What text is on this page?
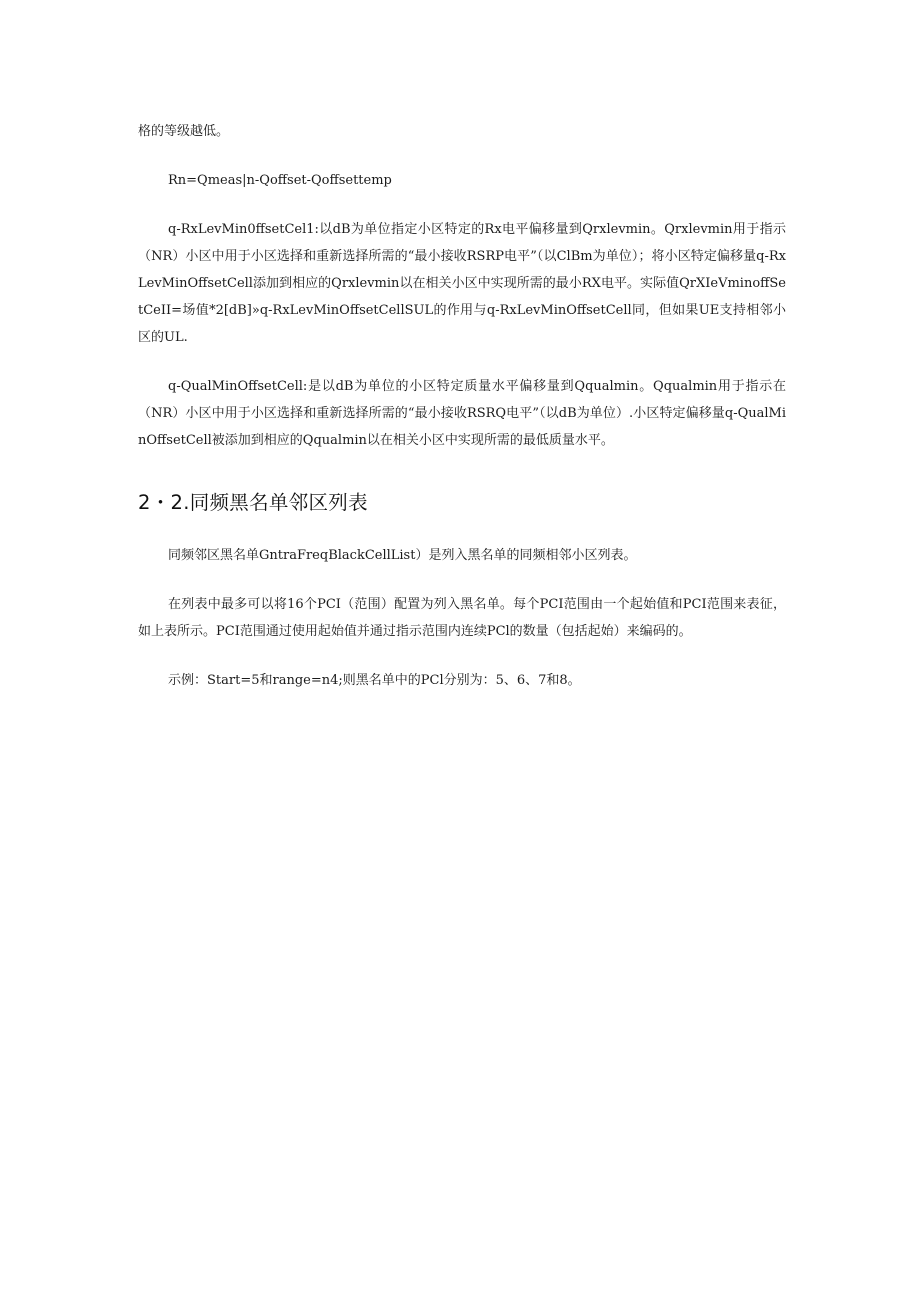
格的等级越低。

Rn=Qmeas|n-Qoffset-Qoffsettemp

q-RxLevMin0ffsetCel1:以dB为单位指定小区特定的Rx电平偏移量到Qrxlevmin。Qrxlevmin用于指示（NR）小区中用于小区选择和重新选择所需的“最小接收RSRP电平”（以ClBm为单位）；将小区特定偏移量q-RxLevMinOffsetCell添加到相应的Qrxlevmin以在相关小区中实现所需的最小RX电平。实际值QrXIeVminoffSetCeII=场值*2[dB]»q-RxLevMinOffsetCellSUL的作用与q-RxLevMinOffsetCell同，但如果UE支持相邻小区的UL.

q-QualMinOffsetCell:是以dB为单位的小区特定质量水平偏移量到Qqualmin。Qqualmin用于指示在（NR）小区中用于小区选择和重新选择所需的“最小接收RSRQ电平”（以dB为单位）.小区特定偏移量q-QualMinOffsetCell被添加到相应的Qqualmin以在相关小区中实现所需的最低质量水平。

2・2.同频黑名单邻区列表

同频邻区黑名单GntraFreqBlackCellList）是列入黑名单的同频相邻小区列表。

在列表中最多可以将16个PCI（范围）配置为列入黑名单。每个PCI范围由一个起始值和PCI范围来表征，如上表所示。PCI范围通过使用起始值并通过指示范围内连续PCl的数量（包括起始）来编码的。

示例：Start=5和range=n4;则黑名单中的PCl分别为：5、6、7和8。
